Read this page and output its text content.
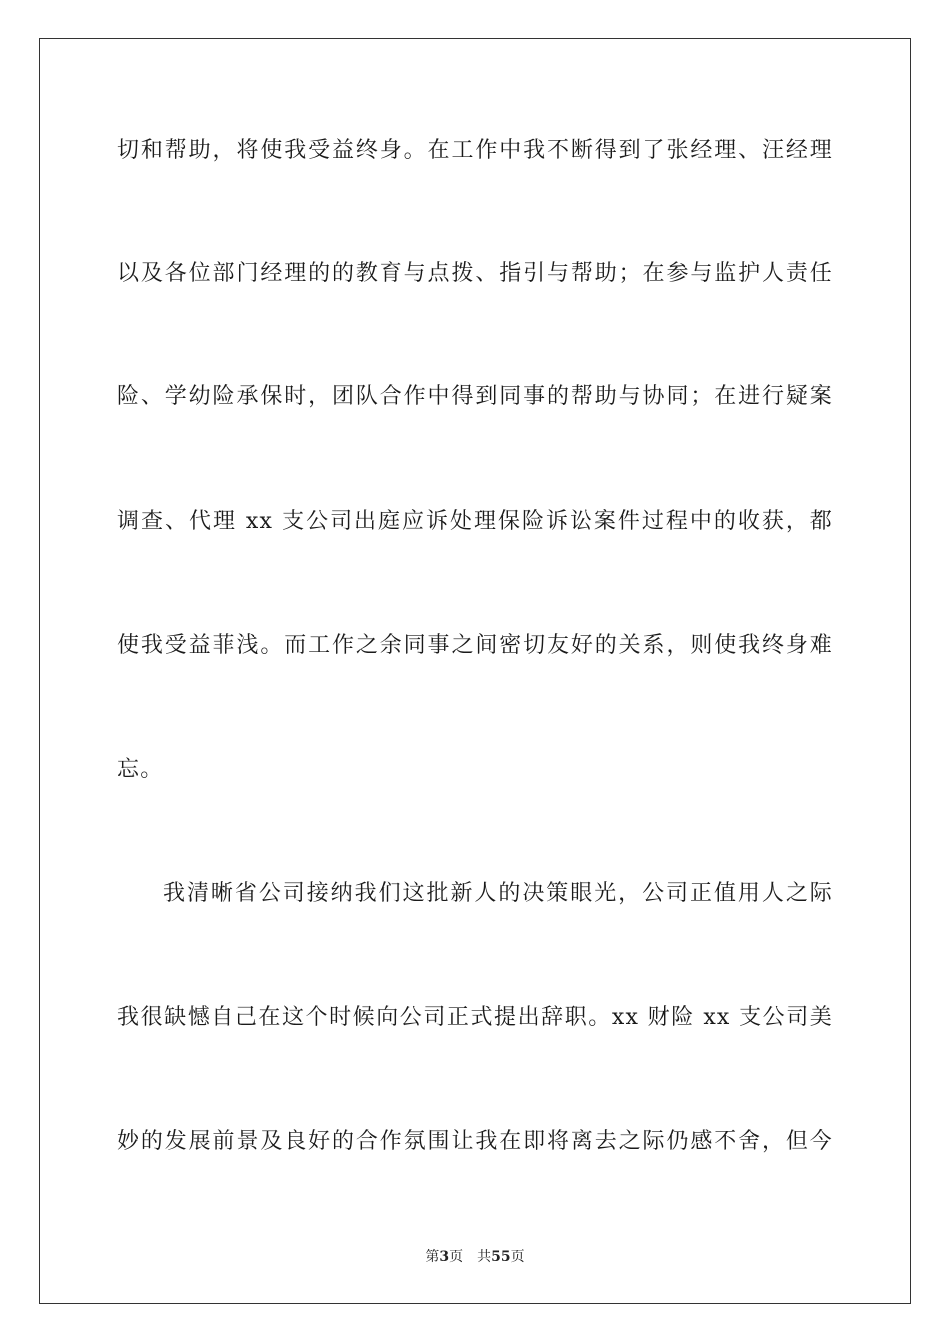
切和帮助，将使我受益终身。在工作中我不断得到了张经理、汪经理
以及各位部门经理的的教育与点拨、指引与帮助；在参与监护人责任
险、学幼险承保时，团队合作中得到同事的帮助与协同；在进行疑案
调查、代理 xx 支公司出庭应诉处理保险诉讼案件过程中的收获，都
使我受益菲浅。而工作之余同事之间密切友好的关系，则使我终身难
忘。
我清晰省公司接纳我们这批新人的决策眼光，公司正值用人之际
我很缺憾自己在这个时候向公司正式提出辞职。xx 财险 xx 支公司美
妙的发展前景及良好的合作氛围让我在即将离去之际仍感不舍，但今
第3页 共55页
